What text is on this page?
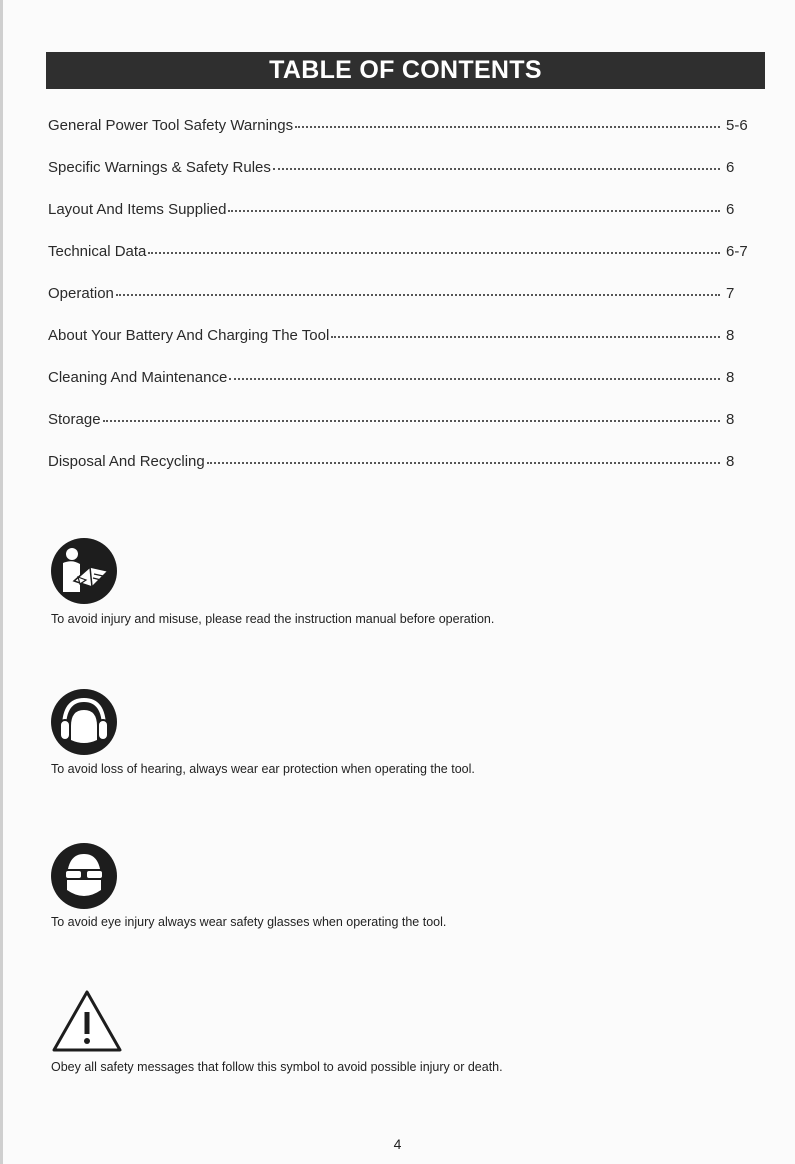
TABLE OF CONTENTS
General Power Tool Safety Warnings	5-6
Specific Warnings & Safety Rules	6
Layout And Items Supplied	6
Technical Data	6-7
Operation	7
About Your Battery And Charging The Tool	8
Cleaning And Maintenance	8
Storage	8
Disposal And Recycling	8
To avoid injury and misuse, please read the instruction manual before operation.
To avoid loss of hearing, always wear ear protection when operating the tool.
To avoid eye injury always wear safety glasses when operating the tool.
Obey all safety messages that follow this symbol to avoid possible injury or death.
4
